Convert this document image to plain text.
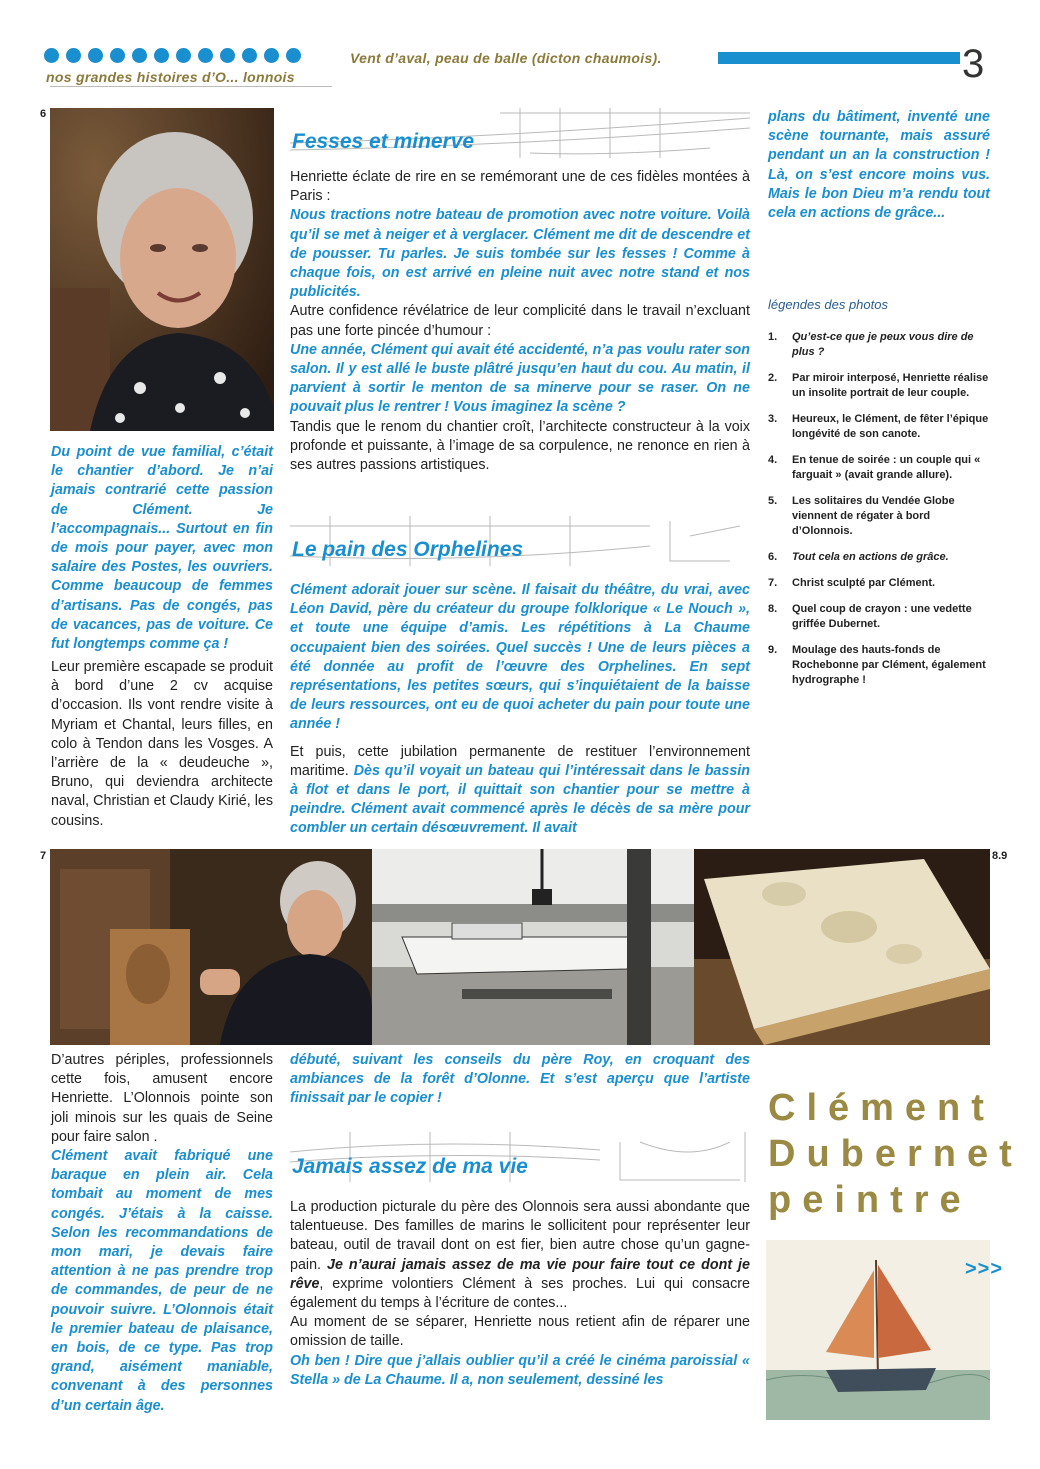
Vent d’aval, peau de balle (dicton chaumois).
nos grandes histoires d’O... lonnois	3
6
Du point de vue familial, c’était le chantier d’abord. Je n’ai jamais contrarié cette passion de Clément. Je l’accompagnais... Surtout en fin de mois pour payer, avec mon salaire des Postes, les ouvriers. Comme beaucoup de femmes d’artisans. Pas de congés, pas de vacances, pas de voiture. Ce fut longtemps comme ça !
Leur première escapade se produit à bord d’une 2 cv acquise d’occasion. Ils vont rendre visite à Myriam et Chantal, leurs filles, en colo à Tendon dans les Vosges. A l’arrière de la « deudeuche », Bruno, qui deviendra architecte naval, Christian et Claudy Kirié, les cousins.
7	8.9
D’autres périples, professionnels cette fois, amusent encore Henriette. L’Olonnois pointe son joli minois sur les quais de Seine pour faire salon .
Clément avait fabriqué une baraque en plein air. Cela tombait au moment de mes congés. J’étais à la caisse. Selon les recommandations de mon mari, je devais faire attention à ne pas prendre trop de commandes, de peur de ne pouvoir suivre. L’Olonnois était le premier bateau de plaisance, en bois, de ce type. Pas trop grand, aisément maniable, convenant à des personnes d’un certain âge.
Fesses et minerve
Henriette éclate de rire en se remémorant une de ces fidèles montées à Paris :
Nous tractions notre bateau de promotion avec notre voiture. Voilà qu’il se met à neiger et à verglacer. Clément me dit de descendre et de pousser. Tu parles. Je suis tombée sur les fesses ! Comme à chaque fois, on est arrivé en pleine nuit avec notre stand et nos publicités.
Autre confidence révélatrice de leur complicité dans le travail n’excluant pas une forte pincée d’humour :
Une année, Clément qui avait été accidenté, n’a pas voulu rater son salon. Il y est allé le buste plâtré jusqu’en haut du cou. Au matin, il parvient à sortir le menton de sa minerve pour se raser. On ne pouvait plus le rentrer ! Vous imaginez la scène ?
Tandis que le renom du chantier croît, l’architecte constructeur à la voix profonde et puissante, à l’image de sa corpulence, ne renonce en rien à ses autres passions artistiques.
Le pain des Orphelines
Clément adorait jouer sur scène. Il faisait du théâtre, du vrai, avec Léon David, père du créateur du groupe folklorique « Le Nouch », et toute une équipe d’amis. Les répétitions à La Chaume occupaient bien des soirées. Quel succès ! Une de leurs pièces a été donnée au profit de l’œuvre des Orphelines. En sept représentations, les petites sœurs, qui s’inquiétaient de la baisse de leurs ressources, ont eu de quoi acheter du pain pour toute une année !
Et puis, cette jubilation permanente de restituer l’environnement maritime. Dès qu’il voyait un bateau qui l’intéressait dans le bassin à flot et dans le port, il quittait son chantier pour se mettre à peindre. Clément avait commencé après le décès de sa mère pour combler un certain désœuvrement. Il avait
débuté, suivant les conseils du père Roy, en croquant des ambiances de la forêt d’Olonne. Et s’est aperçu que l’artiste finissait par le copier !
Jamais assez de ma vie
La production picturale du père des Olonnois sera aussi abondante que talentueuse. Des familles de marins le sollicitent pour représenter leur bateau, outil de travail dont on est fier, bien autre chose qu’un gagne-pain. Je n’aurai jamais assez de ma vie pour faire tout ce dont je rêve, exprime volontiers Clément à ses proches. Lui qui consacre également du temps à l’écriture de contes...
Au moment de se séparer, Henriette nous retient afin de réparer une omission de taille.
Oh ben ! Dire que j’allais oublier qu’il a créé le cinéma paroissial « Stella » de La Chaume. Il a, non seulement, dessiné les
plans du bâtiment, inventé une scène tournante, mais assuré pendant un an la construction ! Là, on s’est encore moins vus. Mais le bon Dieu m’a rendu tout cela en actions de grâce...
légendes des photos
1.	Qu’est-ce que je peux vous dire de plus ?
2.	Par miroir interposé, Henriette réalise un insolite portrait de leur couple.
3.	Heureux, le Clément, de fêter l’épique longévité de son canote.
4.	En tenue de soirée : un couple qui « farguait » (avait grande allure).
5.	Les solitaires du Vendée Globe viennent de régater à bord d’Olonnois.
6.	Tout cela en actions de grâce.
7.	Christ sculpté par Clément.
8.	Quel coup de crayon : une vedette griffée Dubernet.
9.	Moulage des hauts-fonds de Rochebonne par Clément, également hydrographe !
Clément
Dubernet
peintre
>>>
